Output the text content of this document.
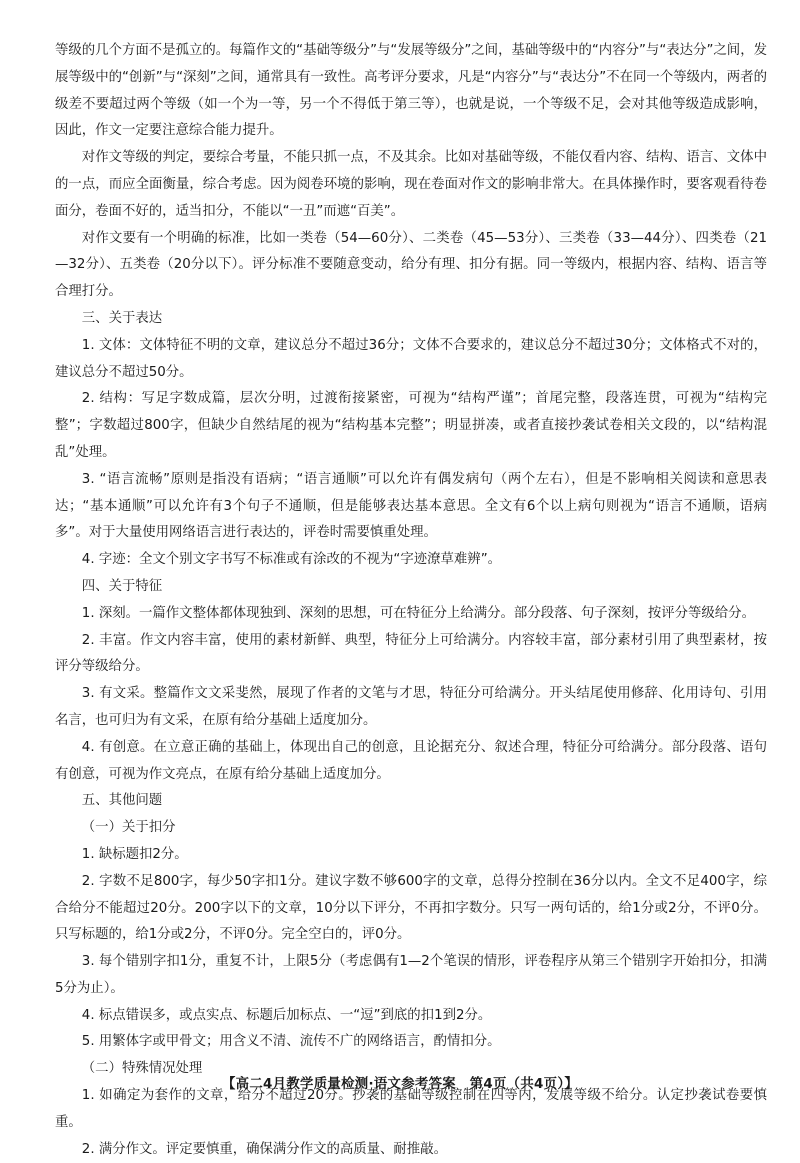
等级的几个方面不是孤立的。每篇作文的“基础等级分”与“发展等级分”之间，基础等级中的“内容分”与“表达分”之间，发展等级中的“创新”与“深刻”之间，通常具有一致性。高考评分要求，凡是“内容分”与“表达分”不在同一个等级内，两者的级差不要超过两个等级（如一个为一等，另一个不得低于第三等），也就是说，一个等级不足，会对其他等级造成影响，因此，作文一定要注意综合能力提升。

对作文等级的判定，要综合考量，不能只抓一点，不及其余。比如对基础等级，不能仅看内容、结构、语言、文体中的一点，而应全面衡量，综合考虑。因为阅卷环境的影响，现在卷面对作文的影响非常大。在具体操作时，要客观看待卷面分，卷面不好的，适当扣分，不能以“一丑”而遮“百美”。

对作文要有一个明确的标准，比如一类卷（54—60分）、二类卷（45—53分）、三类卷（33—44分）、四类卷（21—32分）、五类卷（20分以下）。评分标准不要随意变动，给分有理、扣分有据。同一等级内，根据内容、结构、语言等合理打分。

三、关于表达

1. 文体：文体特征不明的文章，建议总分不超过36分；文体不合要求的，建议总分不超过30分；文体格式不对的，建议总分不超过50分。

2. 结构：写足字数成篇，层次分明，过渡衔接紧密，可视为“结构严谨”；首尾完整，段落连贯，可视为“结构完整”；字数超过800字，但缺少自然结尾的视为“结构基本完整”；明显拼凑，或者直接抄袭试卷相关文段的，以“结构混乱”处理。

3. “语言流畅”原则是指没有语病；“语言通顺”可以允许有偶发病句（两个左右），但是不影响相关阅读和意思表达；“基本通顺”可以允许有3个句子不通顺，但是能够表达基本意思。全文有6个以上病句则视为“语言不通顺，语病多”。对于大量使用网络语言进行表达的，评卷时需要慎重处理。

4. 字迹：全文个别文字书写不标准或有涂改的不视为“字迹潦草难辨”。

四、关于特征

1. 深刻。一篇作文整体都体现独到、深刻的思想，可在特征分上给满分。部分段落、句子深刻，按评分等级给分。

2. 丰富。作文内容丰富，使用的素材新鲜、典型，特征分上可给满分。内容较丰富，部分素材引用了典型素材，按评分等级给分。

3. 有文采。整篇作文文采斐然，展现了作者的文笔与才思，特征分可给满分。开头结尾使用修辞、化用诗句、引用名言，也可归为有文采，在原有给分基础上适度加分。

4. 有创意。在立意正确的基础上，体现出自己的创意，且论据充分、叙述合理，特征分可给满分。部分段落、语句有创意，可视为作文亮点，在原有给分基础上适度加分。

五、其他问题

（一）关于扣分

1. 缺标题扣2分。

2. 字数不足800字，每少50字扣1分。建议字数不够600字的文章，总得分控制在36分以内。全文不足400字，综合给分不能超过20分。200字以下的文章，10分以下评分，不再扣字数分。只写一两句话的，给1分或2分，不评0分。只写标题的，给1分或2分，不评0分。完全空白的，评0分。

3. 每个错别字扣1分，重复不计，上限5分（考虑偶有1—2个笔误的情形，评卷程序从第三个错别字开始扣分，扣满5分为止）。

4. 标点错误多，或点实点、标题后加标点、一“逗”到底的扣1到2分。

5. 用繁体字或甲骨文；用含义不清、流传不广的网络语言，酌情扣分。

（二）特殊情况处理

1. 如确定为套作的文章，给分不超过20分。抄袭的基础等级控制在四等内，发展等级不给分。认定抄袭试卷要慎重。

2. 满分作文。评定要慎重，确保满分作文的高质量、耐推敲。

【高二4月教学质量检测·语文参考答案　第4页（共4页）】
